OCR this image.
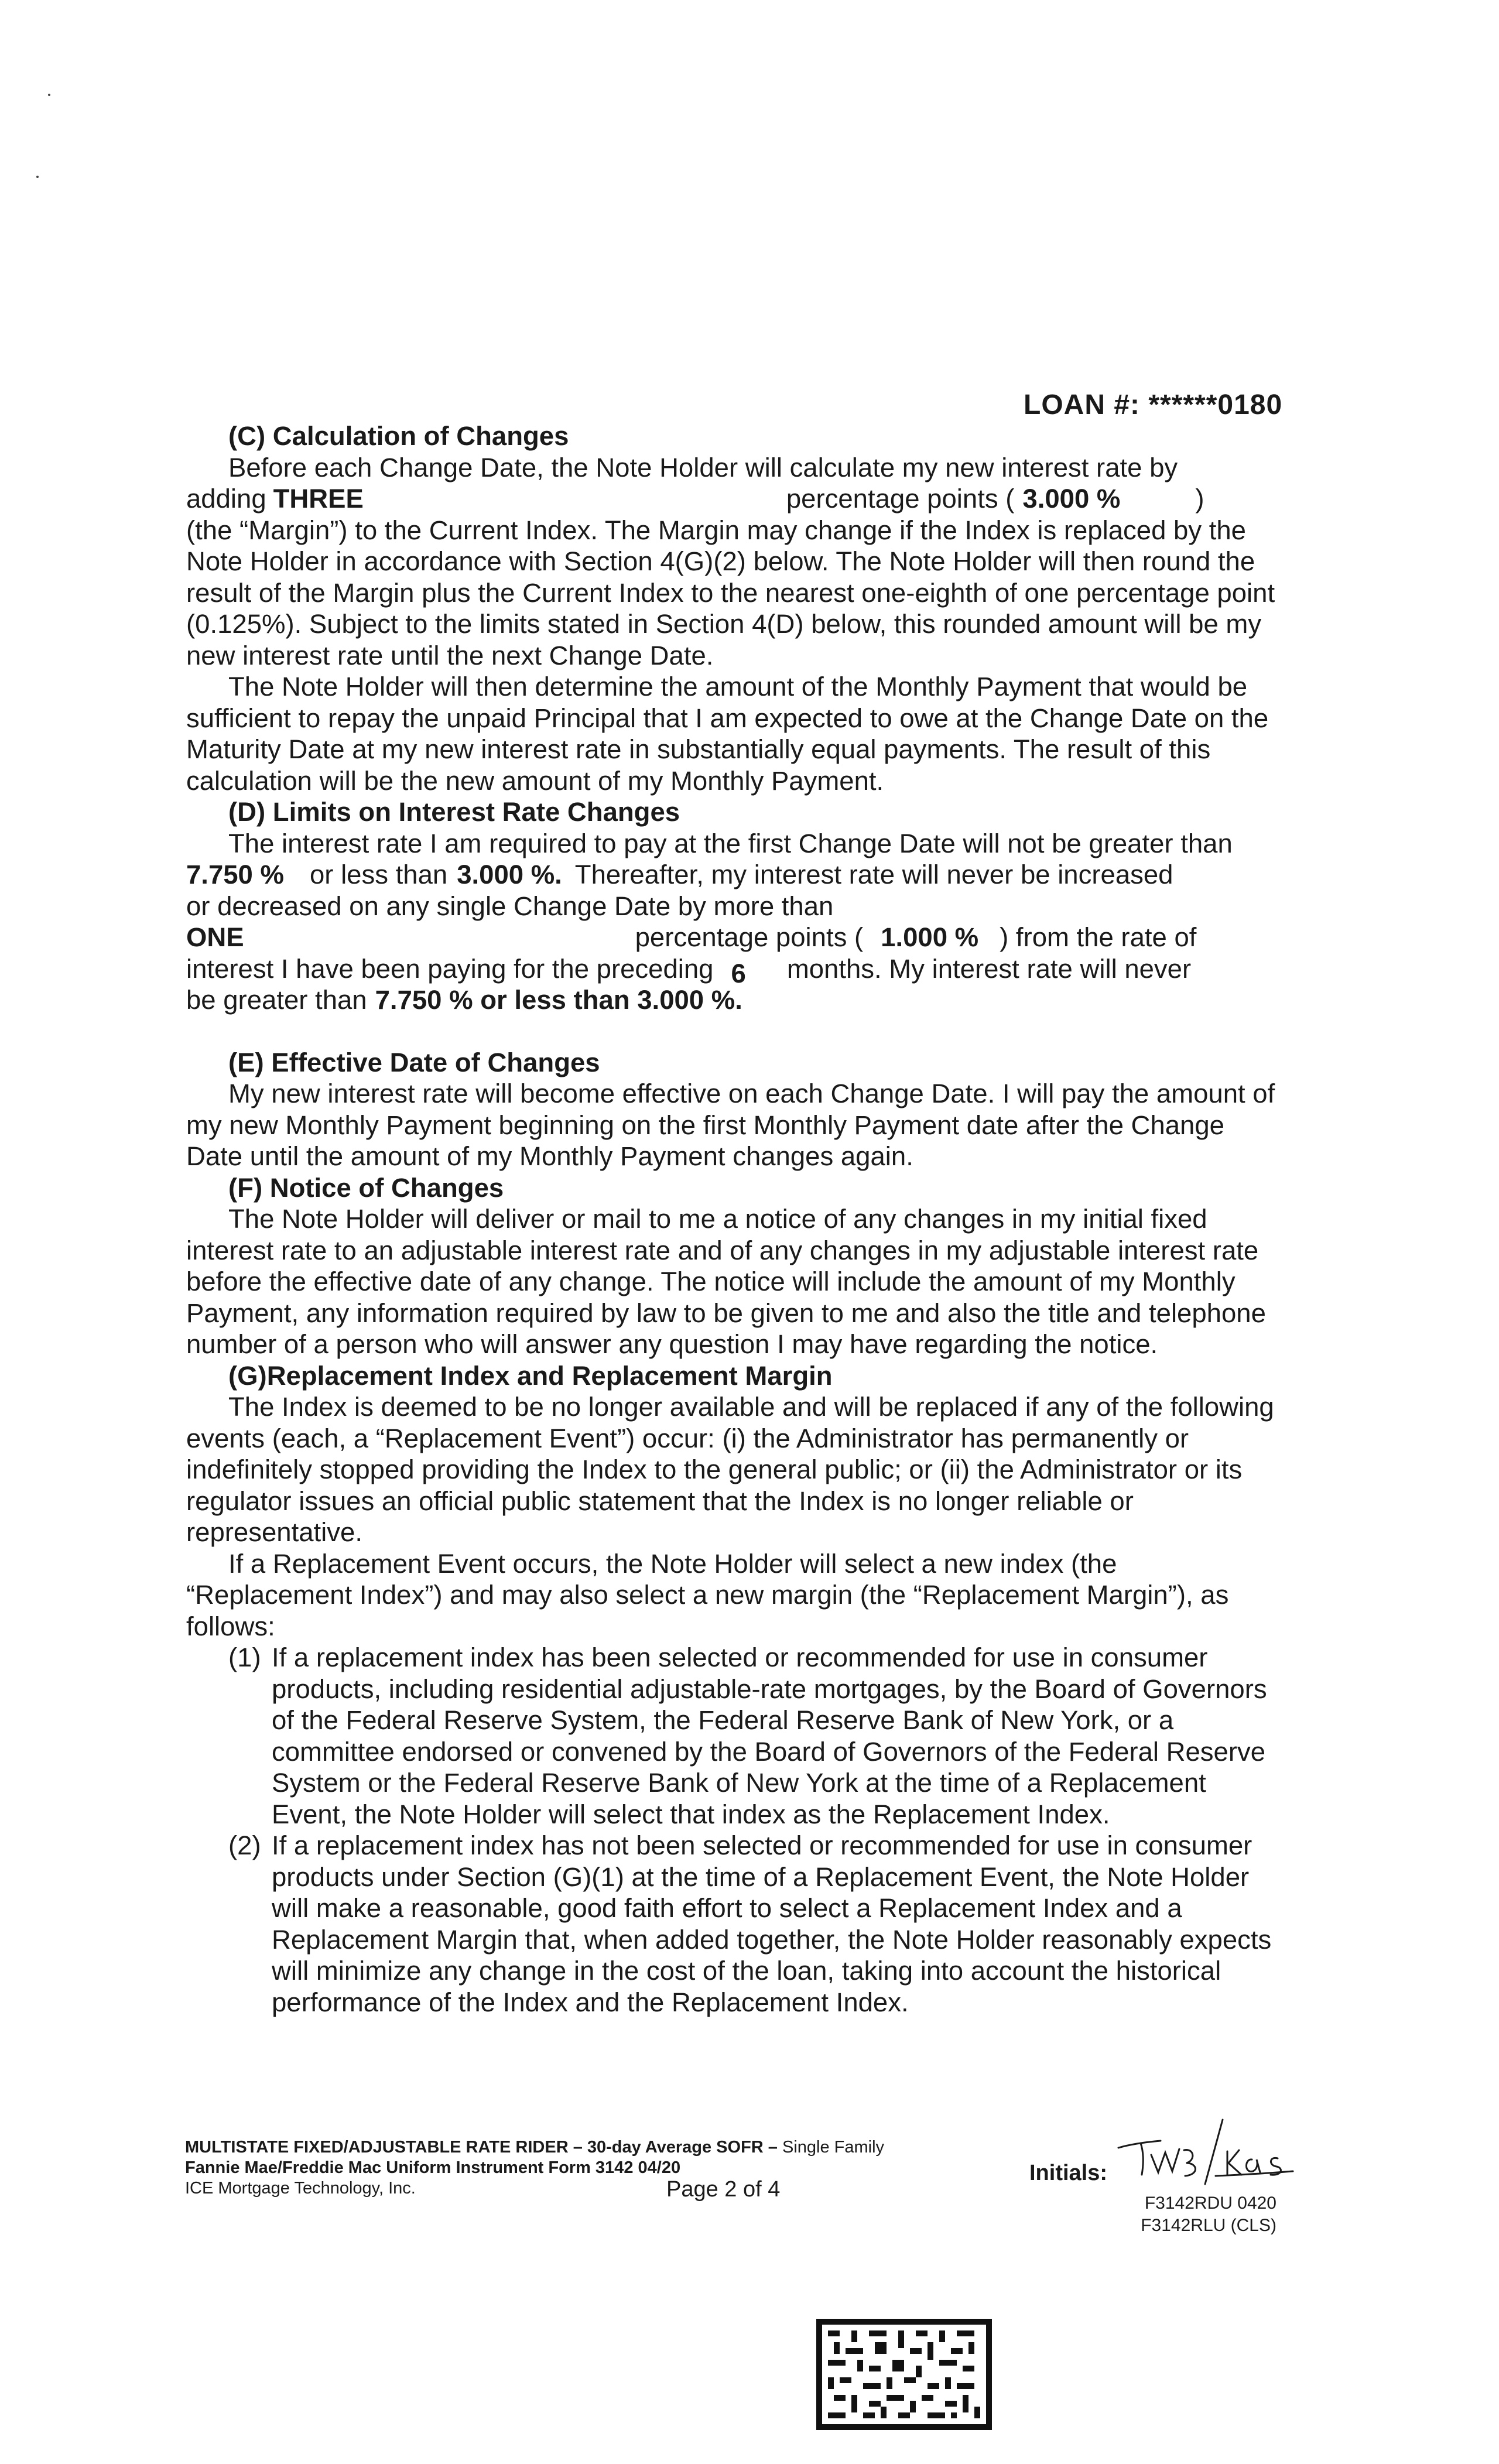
LOAN #: ******0180

(C) Calculation of Changes

Before each Change Date, the Note Holder will calculate my new interest rate by

adding THREE	percentage points ( 3.000 %	)

(the “Margin”) to the Current Index. The Margin may change if the Index is replaced by the Note Holder in accordance with Section 4(G)(2) below. The Note Holder will then round the result of the Margin plus the Current Index to the nearest one-eighth of one percentage point (0.125%). Subject to the limits stated in Section 4(D) below, this rounded amount will be my new interest rate until the next Change Date.

The Note Holder will then determine the amount of the Monthly Payment that would be sufficient to repay the unpaid Principal that I am expected to owe at the Change Date on the Maturity Date at my new interest rate in substantially equal payments. The result of this calculation will be the new amount of my Monthly Payment.

(D) Limits on Interest Rate Changes

The interest rate I am required to pay at the first Change Date will not be greater than

7.750 % or less than 3.000 %. Thereafter, my interest rate will never be increased

or decreased on any single Change Date by more than

ONE	percentage points ( 1.000 % ) from the rate of
interest I have been paying for the preceding 6 months. My interest rate will never
be greater than 7.750 % or less than 3.000 %.

(E) Effective Date of Changes

My new interest rate will become effective on each Change Date. I will pay the amount of my new Monthly Payment beginning on the first Monthly Payment date after the Change Date until the amount of my Monthly Payment changes again.

(F) Notice of Changes

The Note Holder will deliver or mail to me a notice of any changes in my initial fixed interest rate to an adjustable interest rate and of any changes in my adjustable interest rate before the effective date of any change. The notice will include the amount of my Monthly Payment, any information required by law to be given to me and also the title and telephone number of a person who will answer any question I may have regarding the notice.

(G)Replacement Index and Replacement Margin

The Index is deemed to be no longer available and will be replaced if any of the following events (each, a “Replacement Event”) occur: (i) the Administrator has permanently or indefinitely stopped providing the Index to the general public; or (ii) the Administrator or its regulator issues an official public statement that the Index is no longer reliable or representative.

If a Replacement Event occurs, the Note Holder will select a new index (the “Replacement Index”) and may also select a new margin (the “Replacement Margin”), as follows:

(1) If a replacement index has been selected or recommended for use in consumer products, including residential adjustable-rate mortgages, by the Board of Governors of the Federal Reserve System, the Federal Reserve Bank of New York, or a committee endorsed or convened by the Board of Governors of the Federal Reserve System or the Federal Reserve Bank of New York at the time of a Replacement Event, the Note Holder will select that index as the Replacement Index.

(2) If a replacement index has not been selected or recommended for use in consumer products under Section (G)(1) at the time of a Replacement Event, the Note Holder will make a reasonable, good faith effort to select a Replacement Index and a Replacement Margin that, when added together, the Note Holder reasonably expects will minimize any change in the cost of the loan, taking into account the historical performance of the Index and the Replacement Index.

MULTISTATE FIXED/ADJUSTABLE RATE RIDER – 30-day Average SOFR – Single Family
Fannie Mae/Freddie Mac Uniform Instrument Form 3142 04/20
ICE Mortgage Technology, Inc.	Page 2 of 4
Initials:
F3142RDU 0420
F3142RLU (CLS)
